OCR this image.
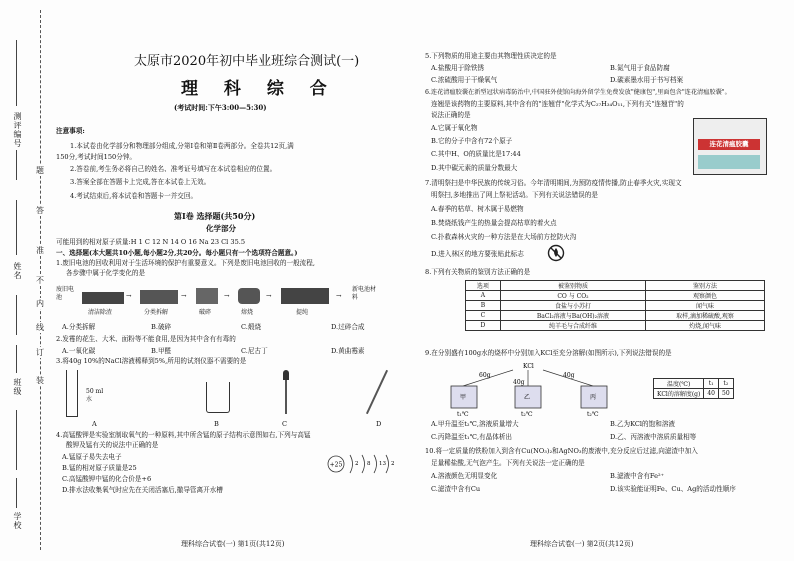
测评编号
题
答
准
不
内
线
订
装
姓名
班级
学校
太原市2020年初中毕业班综合测试(一)
理 科 综 合
(考试时间:下午3:00—5:30)
注意事项:
1.本试卷由化学部分和物理部分组成,分第Ⅰ卷和第Ⅱ卷两部分。全卷共12页,满
150分,考试时间150分钟。
2.答卷前,考生务必将自己的姓名、准考证号填写在本试卷相应的位置。
3.答案全部在答题卡上完成,答在本试卷上无效。
4.考试结束后,将本试卷和答题卡一并交回。
第Ⅰ卷 选择题(共50分)
化学部分
可能用到的相对原子质量:H 1 C 12 N 14 O 16 Na 23 Cl 35.5
一、选择题(本大题共10小题,每小题2分,共20分。每小题只有一个选项符合题意。)
1.废旧电池的回收利用对于生活环境的保护有重要意义。下列是废旧电池回收的一般流程,
各步骤中属于化学变化的是
废旧电池
清洁除渣
→
分类拆解
→
破碎
→
熔烧
→
提纯
→
新电池材料
A.分类拆解	B.破碎	C.煅烧	D.过碎合成
2.发霉的花生、大米、面粉等不能食用,是因为其中含有有毒的
A.一氧化碳	B.甲醛	C.尼古丁	D.黄曲霉素
3.将40g 10%的NaCl溶液稀释到5%,所用的试剂仪器不需要的是
50 ml 水
A	B	C	D
4.高锰酸钾是实验室制取氧气的一种原料,其中所含锰的原子结构示意图如右,下列与高锰
酸钾及锰有关的说法中正确的是
A.锰原子易失去电子
B.锰的相对原子质量是25
C.高锰酸钾中锰的化合价是+6
D.排水法收集氧气时应先在关闭活塞后,撤导管离开水槽
+25 2 8 13 2
理科综合试卷(一) 第1页(共12页)
5.下列物质的用途主要由其物理性质决定的是
A.盐酸用于除铁锈	B.氮气用于食品防腐
C.浓硫酸用于干燥氧气	D.碳素墨水用于书写档案
6.连花清瘟胶囊在新型冠状病毒防治中,中国驻外使馆向海外留学生免费发放"健康包",里面包含"连花清瘟胶囊"。
连翘是该药物的主要原料,其中含有的"连翘苷"化学式为C₂₇H₃₄O₁₁,下列有关"连翘苷"的
说法正确的是
A.它属于氧化物
B.它的分子中含有72个原子
C.其中H、O的质量比是17:44
D.其中碳元素的质量分数最大
连花清瘟胶囊
7.清明祭扫是中华民族的传统习俗。今年清明期间,为预防疫情传播,防止春季火灾,实现文
明祭扫,多地推出了网上祭祀活动。下列有关说法错误的是
A.春季的枯草、树木属于易燃物
B.焚烧纸钱产生的热量会提高枯草的着火点
C.扑救森林火灾的一种方法是在大场前方挖防火沟
D.进入林区的地方要张贴此标志
8.下列有关物质的鉴别方法正确的是
选项	被鉴别物质	鉴别方法
A	CO 与 CO₂	观察颜色
B	食盐与小苏打	闻气味
C	BaCl₂溶液与Ba(OH)₂溶液	取样,滴加稀硫酸,观察
D	纯羊毛与合成纤维	灼烧,闻气味
9.在分别盛有100g水的烧杯中分别加入KCl至充分溶解(如图所示),下列说法错误的是
KCl
60g
40g
40g
甲	乙	丙
t₁℃	t₂℃	t₂℃
温度(℃)	t₁	t₂
KCl的溶解度(g)	40	50
A.甲升温至t₂℃,溶液质量增大	B.乙为KCl的饱和溶液
C.丙降温至t₁℃,有晶体析出	D.乙、丙溶液中溶质质量相等
10.将一定质量的铁粉加入到含有Cu(NO₃)₂和AgNO₃的废液中,充分反应后过滤,向滤渣中加入
足量稀盐酸,无气泡产生。下列有关说法一定正确的是
A.溶液颜色无明显变化	B.滤液中含有Fe²⁺
C.滤渣中含有Cu	D.该实验能证明Fe、Cu、Ag的活动性顺序
理科综合试卷(一) 第2页(共12页)
